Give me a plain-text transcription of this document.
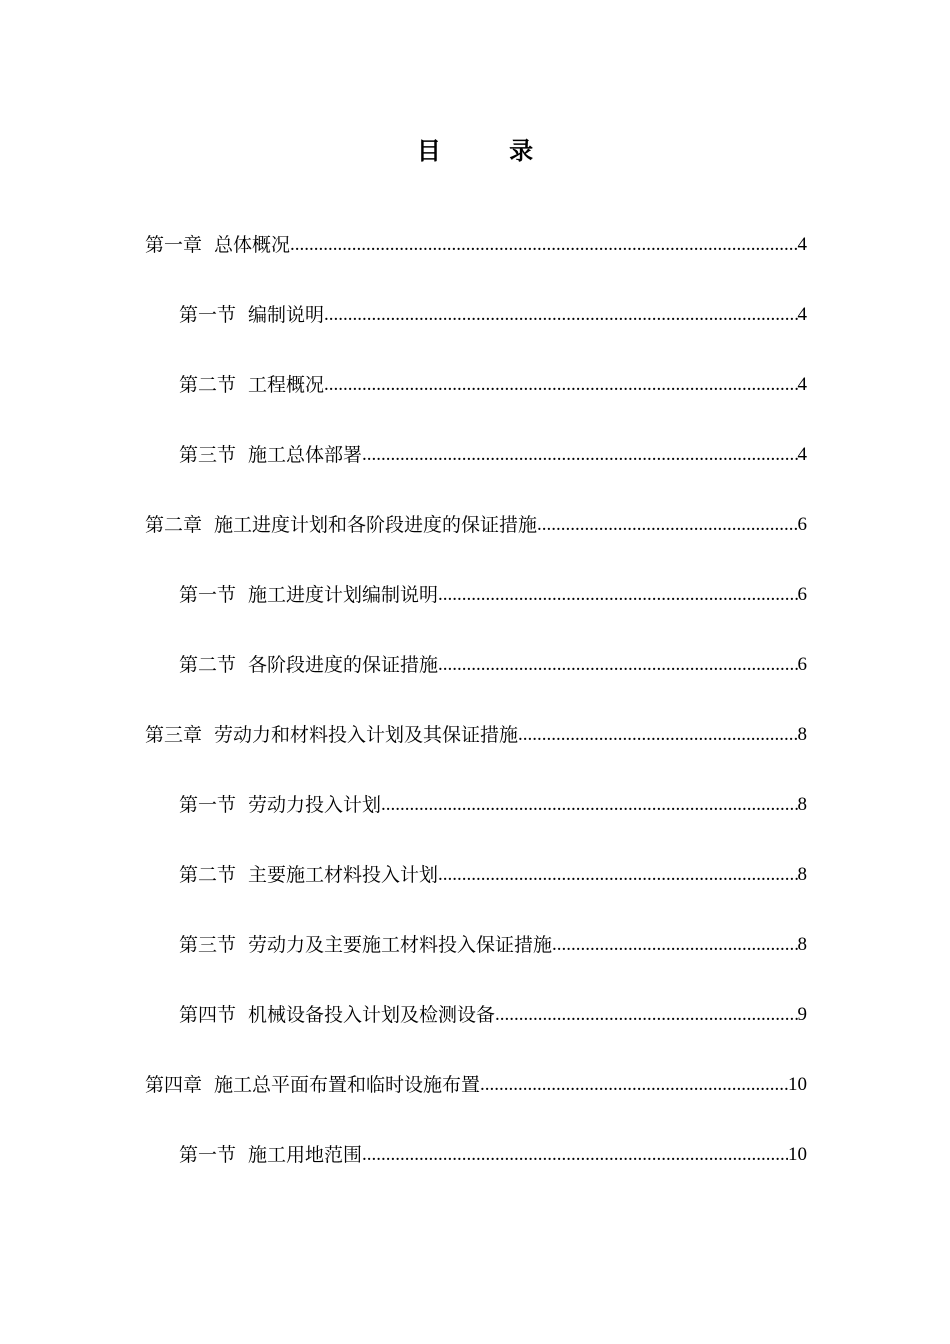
目 录
第一章 总体概况 .....	4
第一节 编制说明 .....	4
第二节 工程概况 .....	4
第三节 施工总体部署 .....	4
第二章 施工进度计划和各阶段进度的保证措施 .....	6
第一节 施工进度计划编制说明 .....	6
第二节 各阶段进度的保证措施 .....	6
第三章 劳动力和材料投入计划及其保证措施 .....	8
第一节 劳动力投入计划 .....	8
第二节 主要施工材料投入计划 .....	8
第三节 劳动力及主要施工材料投入保证措施 .....	8
第四节 机械设备投入计划及检测设备 .....	9
第四章 施工总平面布置和临时设施布置 .....	10
第一节 施工用地范围 .....	10
